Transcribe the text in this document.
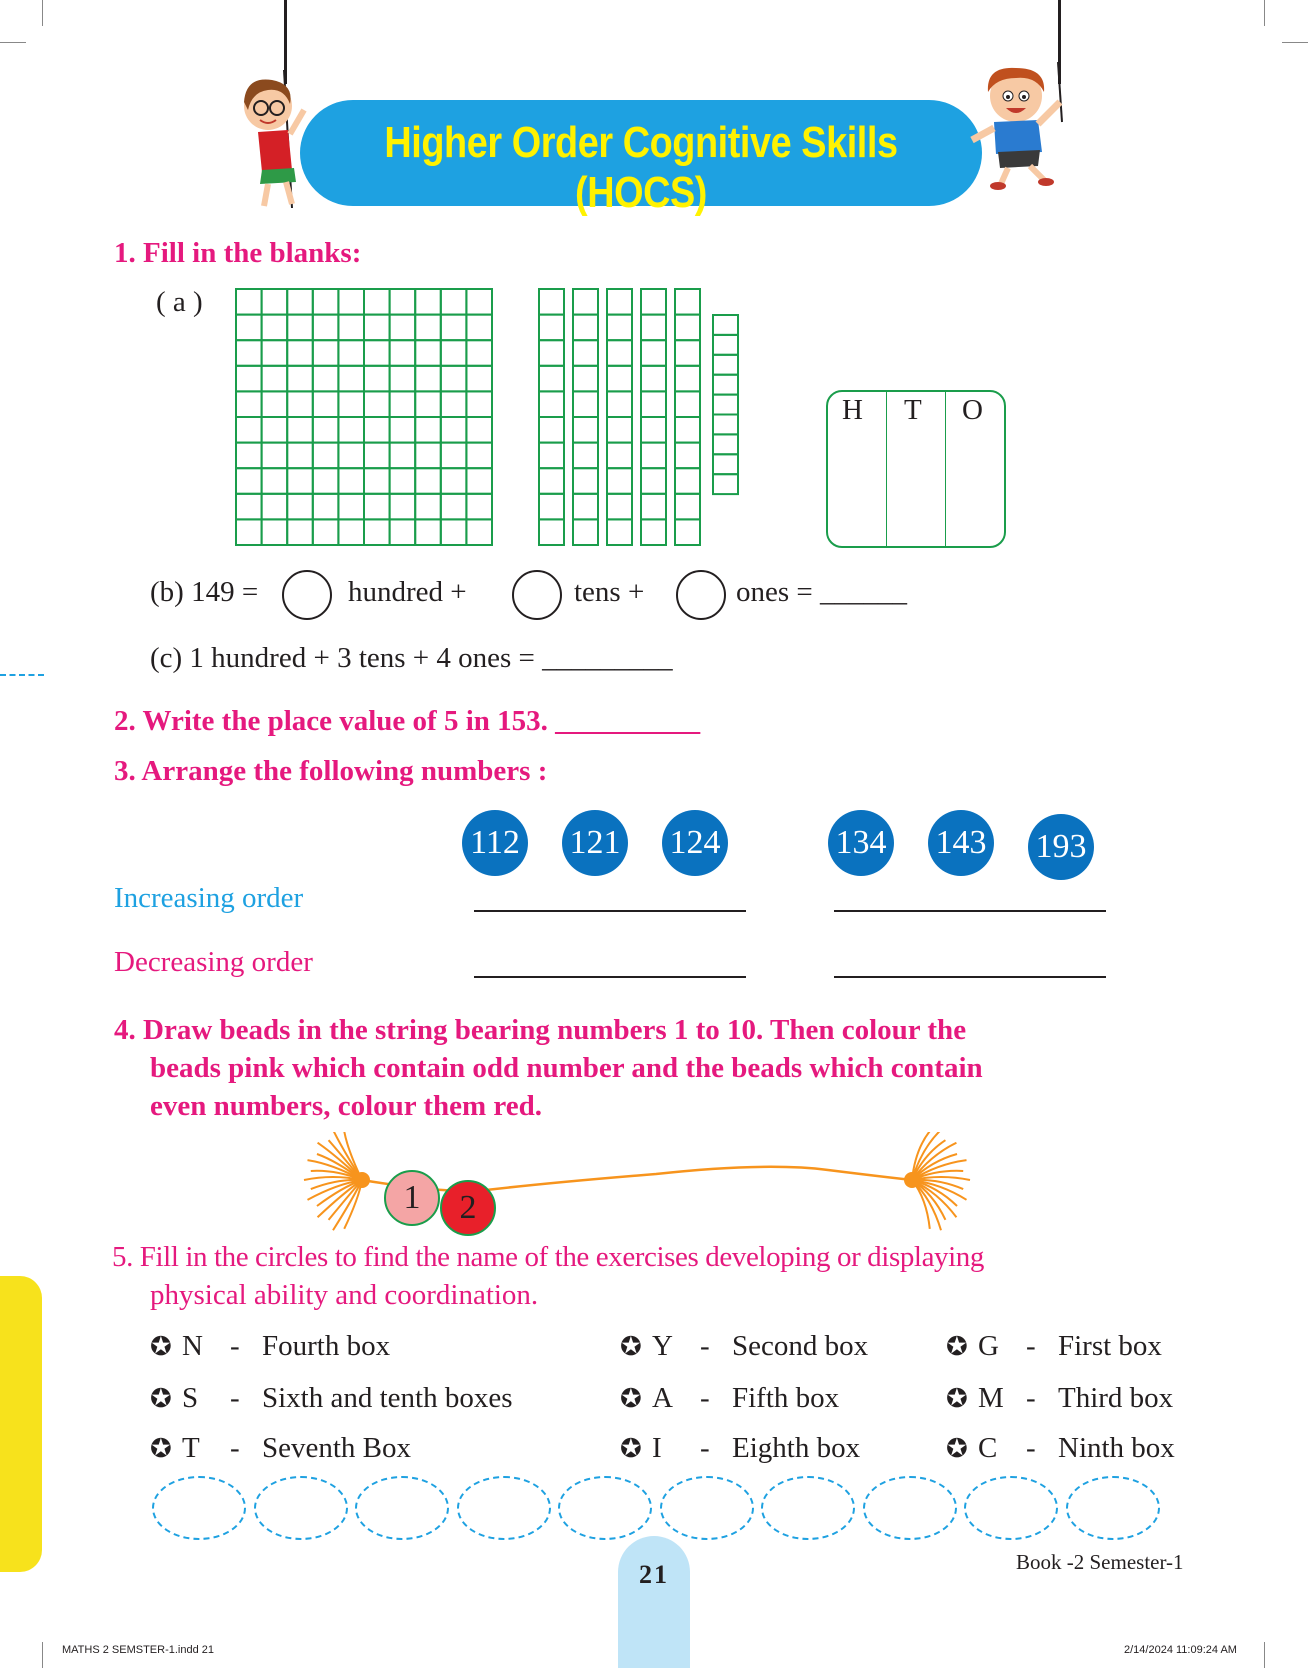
Higher Order Cognitive Skills (HOCS)
1. Fill in the blanks:
( a )
H T O
(b) 149 =	hundred +	tens +	ones = ______
(c) 1 hundred + 3 tens + 4 ones = _________
2. Write the place value of 5 in 153. __________
3. Arrange the following numbers :
112 121 124	134 143 193
Increasing order
Decreasing order
4. Draw beads in the string bearing numbers 1 to 10. Then colour the
beads pink which contain odd number and the beads which contain
even numbers, colour them red.
1 2
5. Fill in the circles to find the name of the exercises developing or displaying
physical ability and coordination.
✪ N - Fourth box	✪ Y - Second box	✪ G - First box
✪ S - Sixth and tenth boxes	✪ A - Fifth box	✪ M - Third box
✪ T - Seventh Box	✪ I - Eighth box	✪ C - Ninth box
21	Book -2 Semester-1
MATHS 2 SEMSTER-1.indd 21	2/14/2024 11:09:24 AM
